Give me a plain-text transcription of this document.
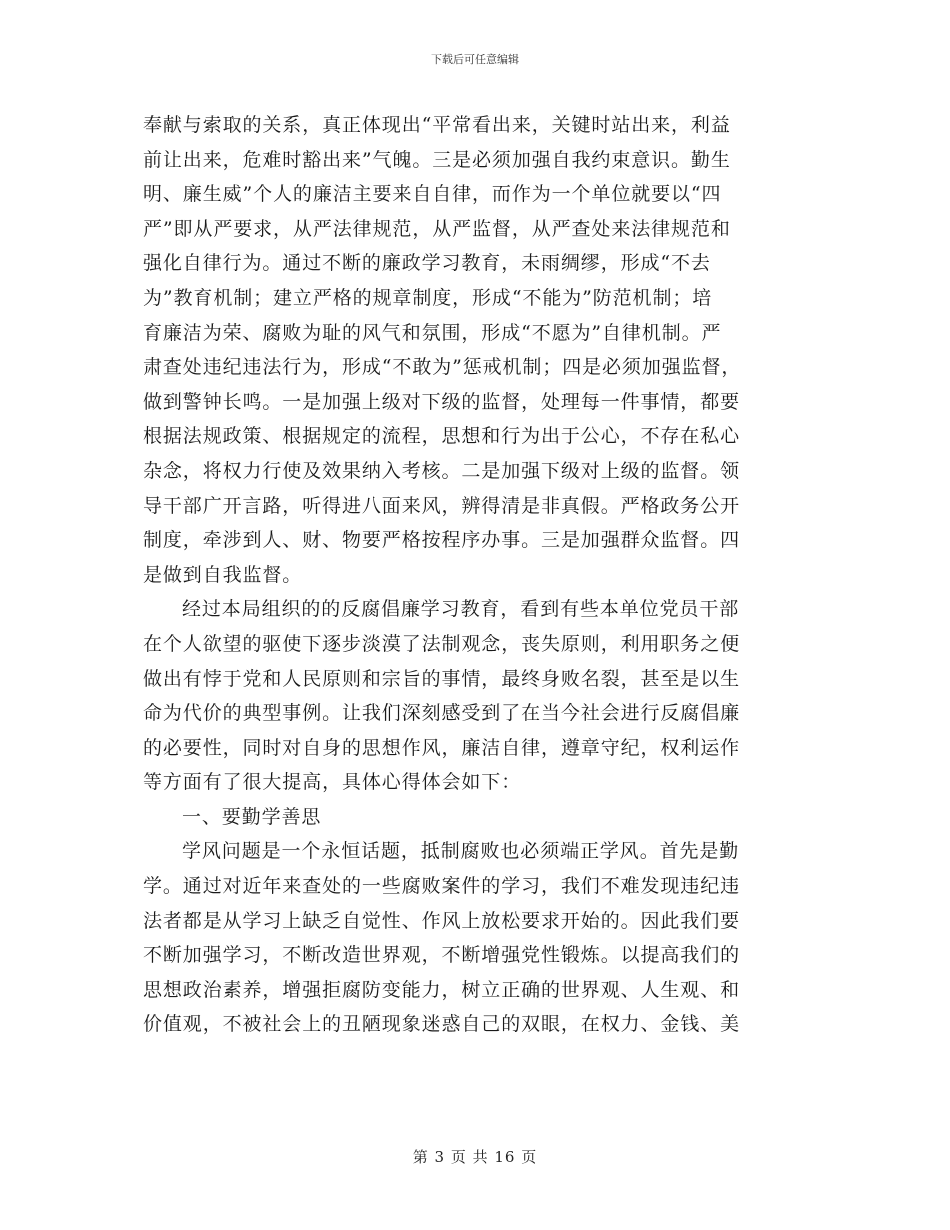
下载后可任意编辑
奉献与索取的关系，真正体现出“平常看出来，关键时站出来，利益
前让出来，危难时豁出来”气魄。三是必须加强自我约束意识。勤生
明、廉生威”个人的廉洁主要来自自律，而作为一个单位就要以“四
严”即从严要求，从严法律规范，从严监督，从严查处来法律规范和
强化自律行为。通过不断的廉政学习教育，未雨绸缪，形成“不去
为”教育机制；建立严格的规章制度，形成“不能为”防范机制；培
育廉洁为荣、腐败为耻的风气和氛围，形成“不愿为”自律机制。严
肃查处违纪违法行为，形成“不敢为”惩戒机制；四是必须加强监督，
做到警钟长鸣。一是加强上级对下级的监督，处理每一件事情，都要
根据法规政策、根据规定的流程，思想和行为出于公心，不存在私心
杂念，将权力行使及效果纳入考核。二是加强下级对上级的监督。领
导干部广开言路，听得进八面来风，辨得清是非真假。严格政务公开
制度，牵涉到人、财、物要严格按程序办事。三是加强群众监督。四
是做到自我监督。
经过本局组织的的反腐倡廉学习教育，看到有些本单位党员干部
在个人欲望的驱使下逐步淡漠了法制观念，丧失原则，利用职务之便
做出有悖于党和人民原则和宗旨的事情，最终身败名裂，甚至是以生
命为代价的典型事例。让我们深刻感受到了在当今社会进行反腐倡廉
的必要性，同时对自身的思想作风，廉洁自律，遵章守纪，权利运作
等方面有了很大提高，具体心得体会如下：
一、要勤学善思
学风问题是一个永恒话题，抵制腐败也必须端正学风。首先是勤
学。通过对近年来查处的一些腐败案件的学习，我们不难发现违纪违
法者都是从学习上缺乏自觉性、作风上放松要求开始的。因此我们要
不断加强学习，不断改造世界观，不断增强党性锻炼。以提高我们的
思想政治素养，增强拒腐防变能力，树立正确的世界观、人生观、和
价值观，不被社会上的丑陋现象迷惑自己的双眼，在权力、金钱、美
第 3 页 共 16 页
